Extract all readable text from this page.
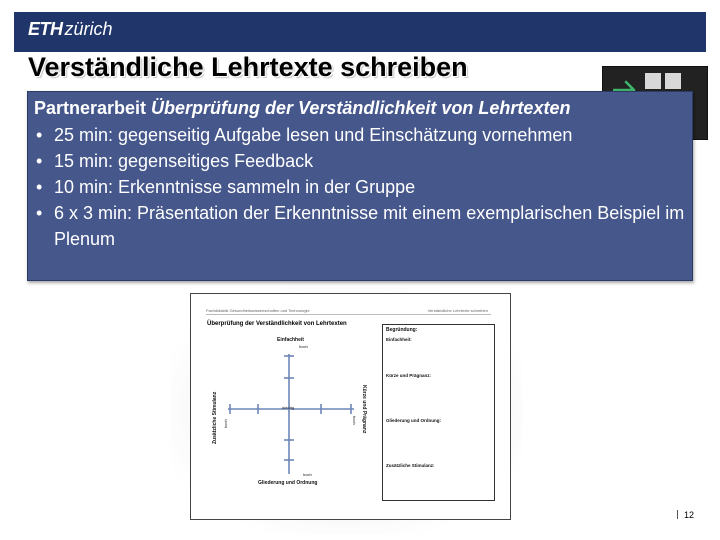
ETH zürich
Verständliche Lehrtexte schreiben
Partnerarbeit Überprüfung der Verständlichkeit von Lehrtexten
• 25 min: gegenseitig Aufgabe lesen und Einschätzung vornehmen
• 15 min: gegenseitiges Feedback
• 10 min: Erkenntnisse sammeln in der Gruppe
• 6 x 3 min: Präsentation der Erkenntnisse mit einem exemplarischen Beispiel im Plenum
Fachdidaktik Gesundheitswissenschaften und Technologie	Verständliche Lehrtexte schreiben
Überprüfung der Verständlichkeit von Lehrtexten
Einfachheit
hoch
niedrig
hoch
Gliederung und Ordnung
Zusätzliche Stimulanz hoch	Kürze und Prägnanz
hoch
Begründung:
Einfachheit:
Kürze und Prägnanz:
Gliederung und Ordnung:
Zusätzliche Stimulanz:
12
